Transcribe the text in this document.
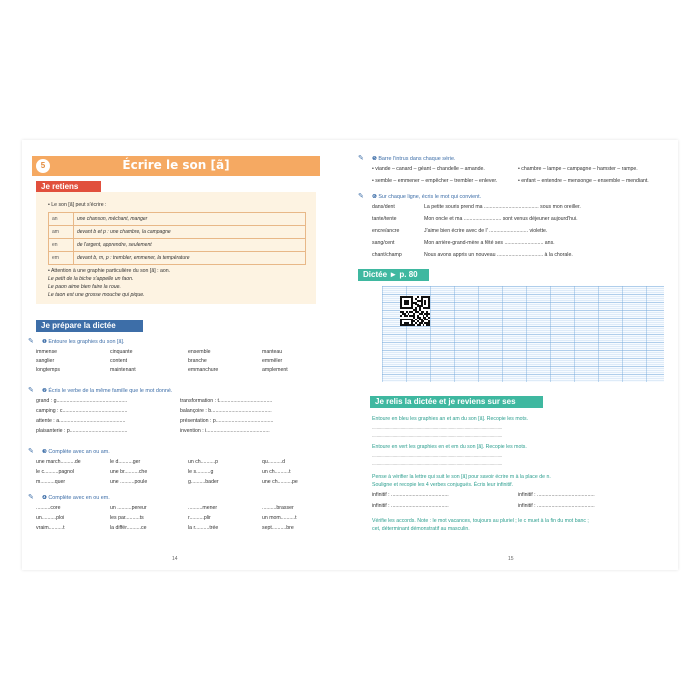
5	Écrire le son [ã]
Je retiens
• Le son [ã] peut s'écrire :
an	une chanson, méchant, manger
am	devant b et p : une chambre, la campagne
en	de l'argent, apprendre, seulement
em	devant b, m, p : trembler, emmener, la température
• Attention à une graphie particulière du son [ã] : aon.
Le petit de la biche s'appelle un faon.
Le paon aime bien faire la roue.
Le taon est une grosse mouche qui pique.
Je prépare la dictée
✎ ❶ Entoure les graphies du son [ã].
immense	cinquante	ensemble	manteau
sanglier	content	branche	emmêler
longtemps	maintenant	emmanchure	amplement
✎ ❷ Écris le verbe de la même famille que le mot donné.
grand : g.................................................
camping : c.............................................
attente : a..............................................
plaisanterie : p........................................
transformation : t.....................................
balançoire : b..........................................
présentation : p........................................
invention : i............................................
✎ ❸ Complète avec an ou am.
une march..........de	le d..........ger	un ch..........p	qu..........d
le c..........pagnol	une br..........che	le s..........g	un ch..........t
m..........quer	une ..........poule	g..........bader	une ch..........pe
✎ ❹ Complète avec en ou em.
..........core	un ..........pereur	..........mener	..........brasser
un..........ploi	les par..........ts	r..........plir	un mom..........t
vraim..........t	la différ..........ce	la r..........trée	sept..........bre
14
✎ ❺ Barre l'intrus dans chaque série.
• viande – canard – géant – chandelle – amande.	• chambre – lampe – campagne – hamster – rampe.
• semble – emmener – empêcher – trembler – enlever.	• enfant – entendre – mensonge – ensemble – mendiant.
✎ ❻ Sur chaque ligne, écris le mot qui convient.
dans/dent	La petite souris prend ma ...................................... sous mon oreiller.
tante/tente	Mon oncle et ma .......................... sont venus déjeuner aujourd'hui.
encre/ancre	J'aime bien écrire avec de l' ........................... violette.
sang/cent	Mon arrière-grand-mère a fêté ses ........................... ans.
chant/champ	Nous avons appris un nouveau ................................ à la chorale.
Dictée ► p. 80
Je relis la dictée et je reviens sur ses difficultés
Entoure en bleu les graphies an et am du son [ã]. Recopie les mots.
..................................................................................................................
..................................................................................................................
Entoure en vert les graphies en et em du son [ã]. Recopie les mots.
..................................................................................................................
..................................................................................................................
Pense à vérifier la lettre qui suit le son [ã] pour savoir écrire m à la place de n.
Souligne et recopie les 4 verbes conjugués. Écris leur infinitif.
infinitif : ........................................	infinitif : ........................................
infinitif : ........................................	infinitif : ........................................
Vérifie les accords. Note : le mot vacances, toujours au pluriel ; le c muet à la fin du mot banc ;
cet, déterminant démonstratif au masculin.
15
